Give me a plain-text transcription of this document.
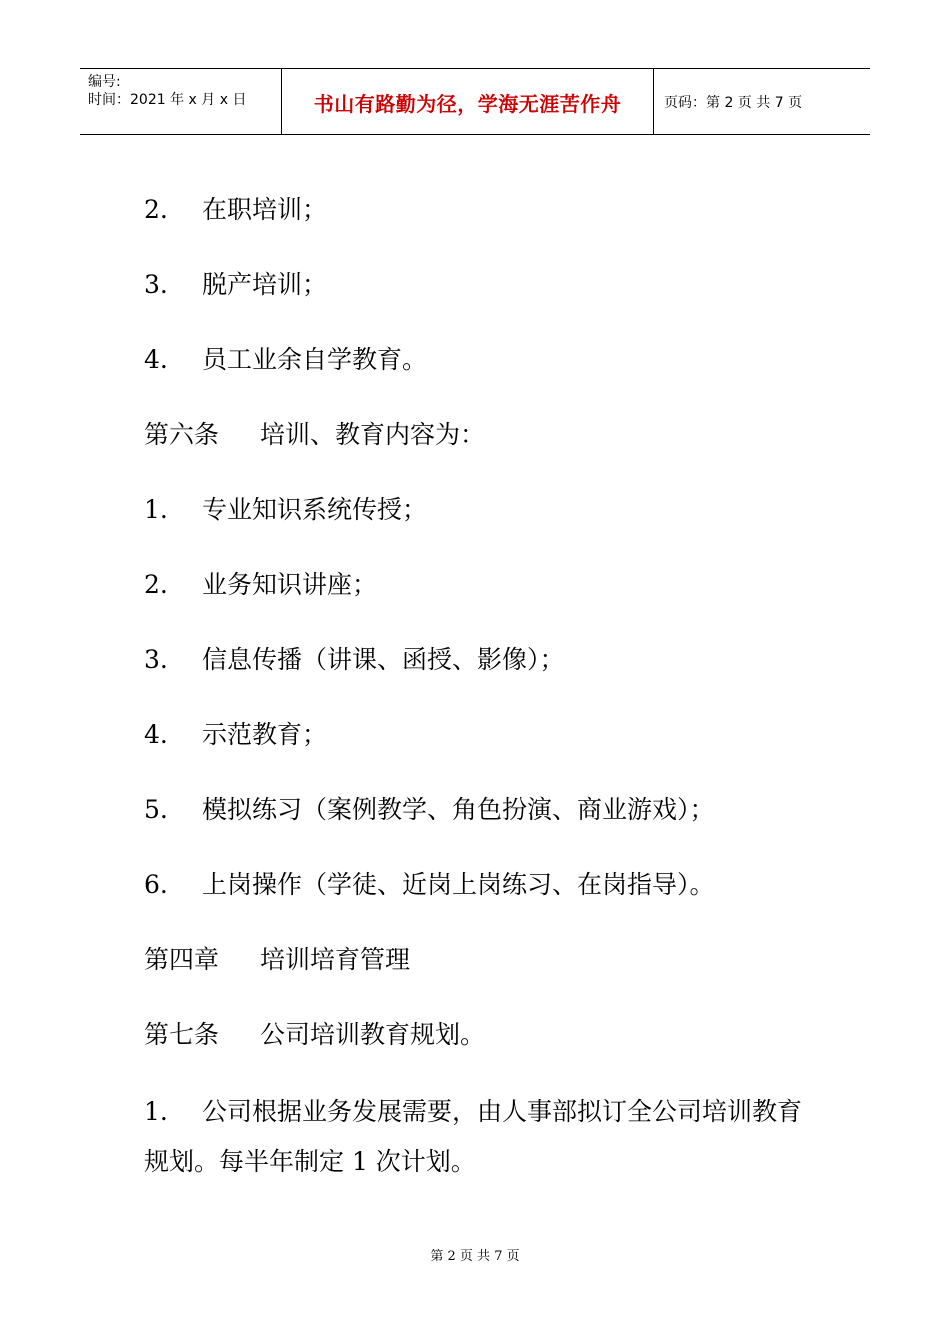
编号:
时间：2021 年 x 月 x 日	书山有路勤为径，学海无涯苦作舟	页码：第 2 页 共 7 页
2. 在职培训；
3. 脱产培训；
4. 员工业余自学教育。
第六条 培训、教育内容为：
1. 专业知识系统传授；
2. 业务知识讲座；
3. 信息传播（讲课、函授、影像）；
4. 示范教育；
5. 模拟练习（案例教学、角色扮演、商业游戏）；
6. 上岗操作（学徒、近岗上岗练习、在岗指导）。
第四章 培训培育管理
第七条 公司培训教育规划。
1. 公司根据业务发展需要，由人事部拟订全公司培训教育规划。每半年制定 1 次计划。
第 2 页 共 7 页
